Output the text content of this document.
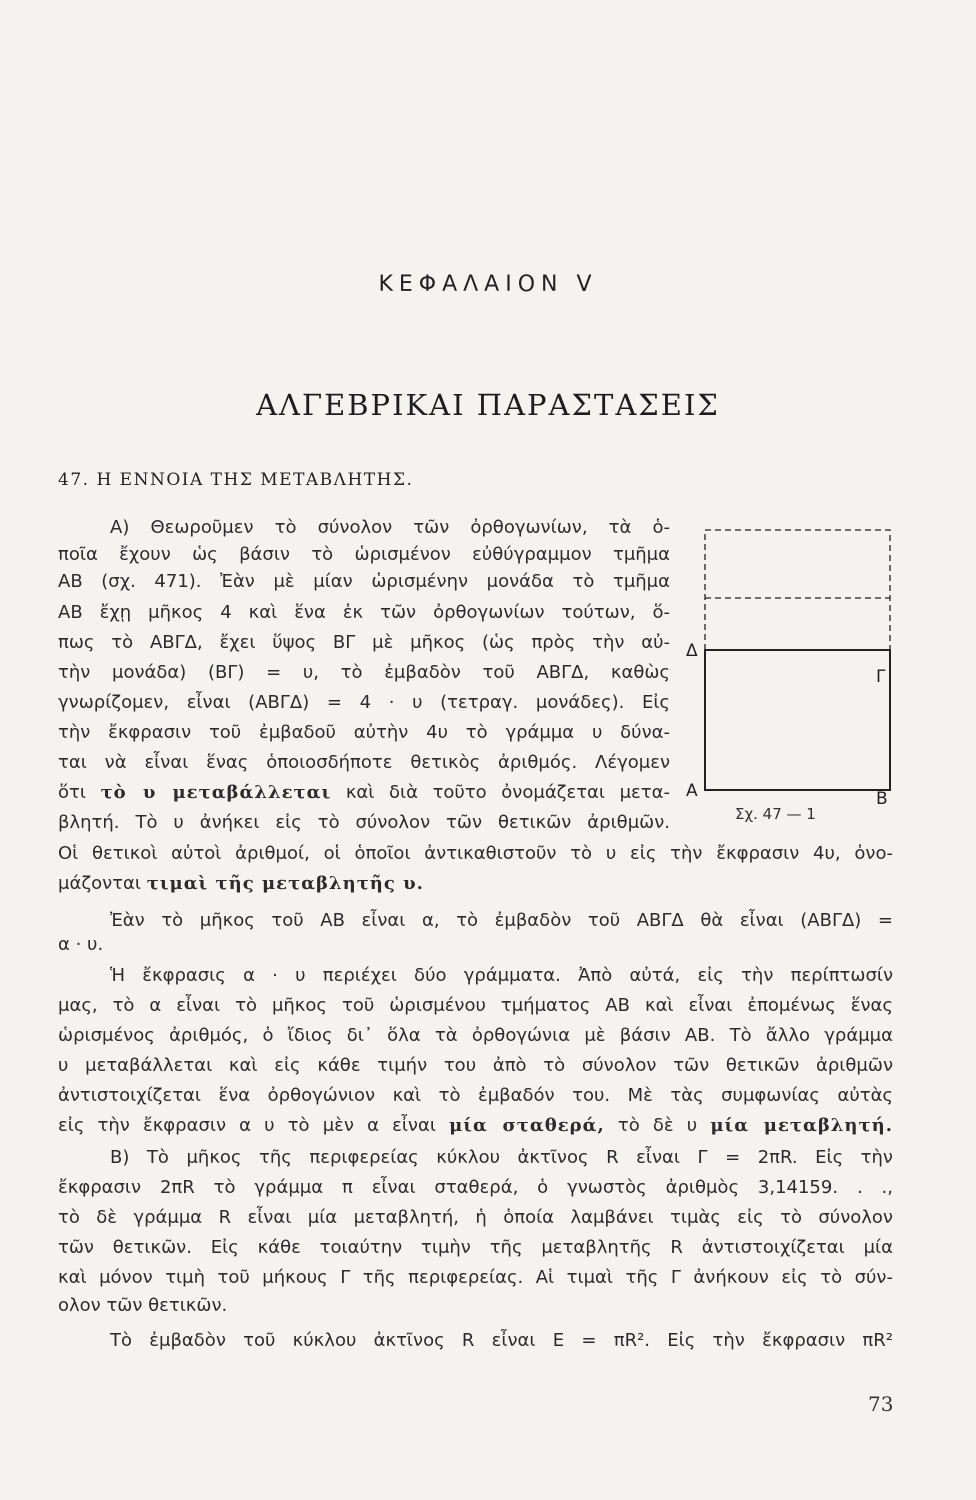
ΚΕΦΑΛΑΙΟΝ V
ΑΛΓΕΒΡΙΚΑΙ ΠΑΡΑΣΤΑΣΕΙΣ
47. Η ΕΝΝΟΙΑ ΤΗΣ ΜΕΤΑΒΛΗΤΗΣ.
Α) Θεωροῦμεν τὸ σύνολον τῶν ὀρθογωνίων, τὰ ὁ-
ποῖα ἔχουν ὡς βάσιν τὸ ὡρισμένον εὐθύγραμμον τμῆμα
ΑΒ (σχ. 471). Ἐὰν μὲ μίαν ὡρισμένην μονάδα τὸ τμῆμα
ΑΒ ἔχῃ μῆκος 4 καὶ ἕνα ἐκ τῶν ὀρθογωνίων τούτων, ὅ-
πως τὸ ΑΒΓΔ, ἔχει ὕψος ΒΓ μὲ μῆκος (ὡς πρὸς τὴν αὐ-
τὴν μονάδα) (ΒΓ) = υ, τὸ ἐμβαδὸν τοῦ ΑΒΓΔ, καθὼς
γνωρίζομεν, εἶναι (ΑΒΓΔ) = 4 · υ (τετραγ. μονάδες). Εἰς
τὴν ἔκφρασιν τοῦ ἐμβαδοῦ αὐτὴν 4υ τὸ γράμμα υ δύνα-
ται νὰ εἶναι ἕνας ὁποιοσδήποτε θετικὸς ἀριθμός. Λέγομεν
ὅτι τὸ υ μεταβάλλεται καὶ διὰ τοῦτο ὀνομάζεται μετα-
βλητή. Τὸ υ ἀνήκει εἰς τὸ σύνολον τῶν θετικῶν ἀριθμῶν.
Οἱ θετικοὶ αὐτοὶ ἀριθμοί, οἱ ὁποῖοι ἀντικαθιστοῦν τὸ υ εἰς τὴν ἔκφρασιν 4υ, ὀνο-
μάζονται τιμαὶ τῆς μεταβλητῆς υ.
Ἐὰν τὸ μῆκος τοῦ ΑΒ εἶναι α, τὸ ἐμβαδὸν τοῦ ΑΒΓΔ θὰ εἶναι (ΑΒΓΔ) =
α · υ.
Ἡ ἔκφρασις α · υ περιέχει δύο γράμματα. Ἀπὸ αὐτά, εἰς τὴν περίπτωσίν
μας, τὸ α εἶναι τὸ μῆκος τοῦ ὡρισμένου τμήματος ΑΒ καὶ εἶναι ἐπομένως ἕνας
ὡρισμένος ἀριθμός, ὁ ἴδιος δι᾽ ὅλα τὰ ὀρθογώνια μὲ βάσιν ΑΒ. Τὸ ἄλλο γράμμα
υ μεταβάλλεται καὶ εἰς κάθε τιμήν του ἀπὸ τὸ σύνολον τῶν θετικῶν ἀριθμῶν
ἀντιστοιχίζεται ἕνα ὀρθογώνιον καὶ τὸ ἐμβαδόν του. Μὲ τὰς συμφωνίας αὐτὰς
εἰς τὴν ἔκφρασιν α υ τὸ μὲν α εἶναι μία σταθερά, τὸ δὲ υ μία μεταβλητή.
Β) Τὸ μῆκος τῆς περιφερείας κύκλου ἀκτῖνος R εἶναι Γ = 2πR. Εἰς τὴν
ἔκφρασιν 2πR τὸ γράμμα π εἶναι σταθερά, ὁ γνωστὸς ἀριθμὸς 3,14159. . .,
τὸ δὲ γράμμα R εἶναι μία μεταβλητή, ἡ ὁποία λαμβάνει τιμὰς εἰς τὸ σύνολον
τῶν θετικῶν. Εἰς κάθε τοιαύτην τιμὴν τῆς μεταβλητῆς R ἀντιστοιχίζεται μία
καὶ μόνον τιμὴ τοῦ μήκους Γ τῆς περιφερείας. Αἱ τιμαὶ τῆς Γ ἀνήκουν εἰς τὸ σύν-
ολον τῶν θετικῶν.
Τὸ ἐμβαδὸν τοῦ κύκλου ἀκτῖνος R εἶναι Ε = πR². Εἰς τὴν ἔκφρασιν πR²
Δ
Γ
Α	Β
Σχ. 47 — 1
73
